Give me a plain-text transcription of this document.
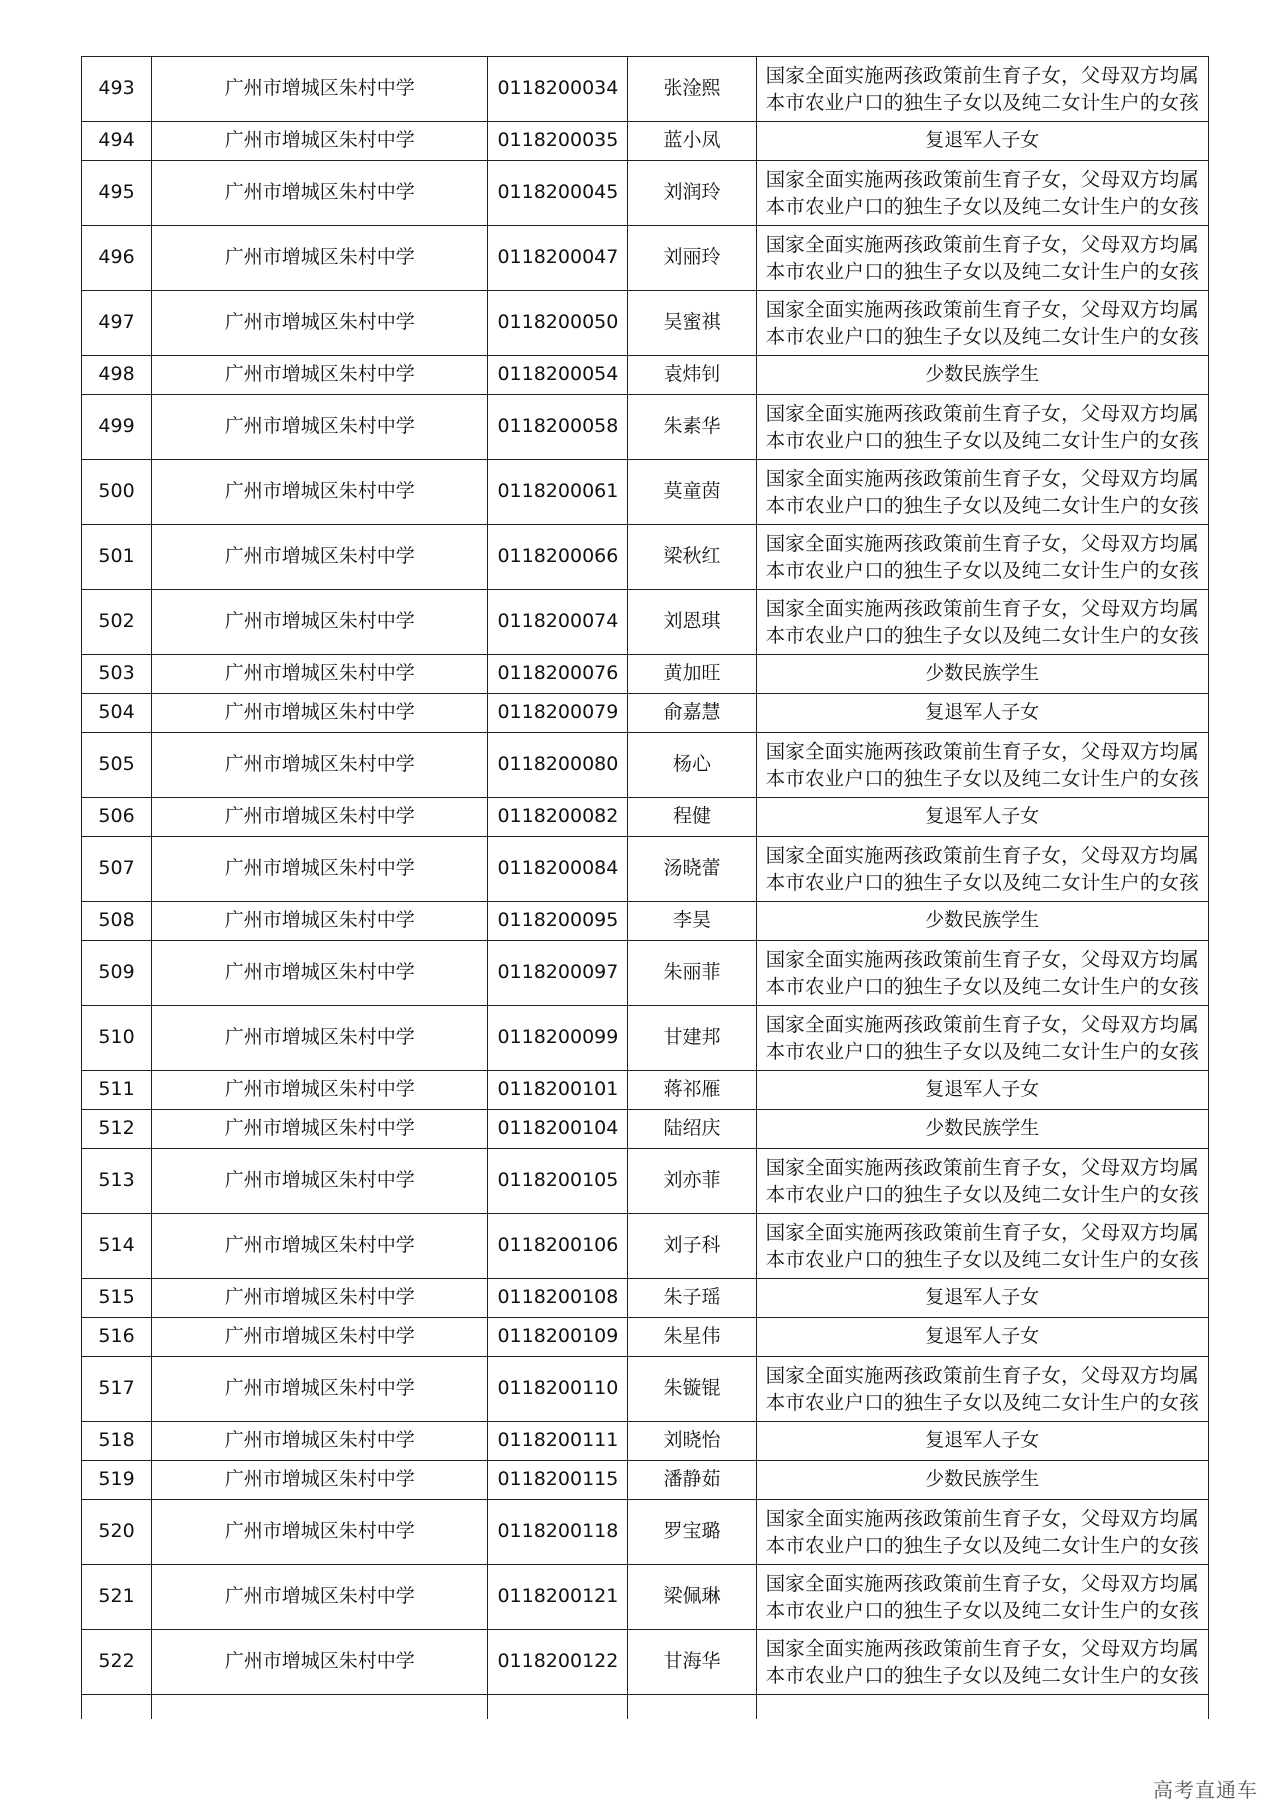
493	广州市增城区朱村中学	0118200034	张淦熙	国家全面实施两孩政策前生育子女，父母双方均属本市农业户口的独生子女以及纯二女计生户的女孩
494	广州市增城区朱村中学	0118200035	蓝小凤	复退军人子女
495	广州市增城区朱村中学	0118200045	刘润玲	国家全面实施两孩政策前生育子女，父母双方均属本市农业户口的独生子女以及纯二女计生户的女孩
496	广州市增城区朱村中学	0118200047	刘丽玲	国家全面实施两孩政策前生育子女，父母双方均属本市农业户口的独生子女以及纯二女计生户的女孩
497	广州市增城区朱村中学	0118200050	吴蜜祺	国家全面实施两孩政策前生育子女，父母双方均属本市农业户口的独生子女以及纯二女计生户的女孩
498	广州市增城区朱村中学	0118200054	袁炜钊	少数民族学生
499	广州市增城区朱村中学	0118200058	朱素华	国家全面实施两孩政策前生育子女，父母双方均属本市农业户口的独生子女以及纯二女计生户的女孩
500	广州市增城区朱村中学	0118200061	莫童茵	国家全面实施两孩政策前生育子女，父母双方均属本市农业户口的独生子女以及纯二女计生户的女孩
501	广州市增城区朱村中学	0118200066	梁秋红	国家全面实施两孩政策前生育子女，父母双方均属本市农业户口的独生子女以及纯二女计生户的女孩
502	广州市增城区朱村中学	0118200074	刘恩琪	国家全面实施两孩政策前生育子女，父母双方均属本市农业户口的独生子女以及纯二女计生户的女孩
503	广州市增城区朱村中学	0118200076	黄加旺	少数民族学生
504	广州市增城区朱村中学	0118200079	俞嘉慧	复退军人子女
505	广州市增城区朱村中学	0118200080	杨心	国家全面实施两孩政策前生育子女，父母双方均属本市农业户口的独生子女以及纯二女计生户的女孩
506	广州市增城区朱村中学	0118200082	程健	复退军人子女
507	广州市增城区朱村中学	0118200084	汤晓蕾	国家全面实施两孩政策前生育子女，父母双方均属本市农业户口的独生子女以及纯二女计生户的女孩
508	广州市增城区朱村中学	0118200095	李昊	少数民族学生
509	广州市增城区朱村中学	0118200097	朱丽菲	国家全面实施两孩政策前生育子女，父母双方均属本市农业户口的独生子女以及纯二女计生户的女孩
510	广州市增城区朱村中学	0118200099	甘建邦	国家全面实施两孩政策前生育子女，父母双方均属本市农业户口的独生子女以及纯二女计生户的女孩
511	广州市增城区朱村中学	0118200101	蒋祁雁	复退军人子女
512	广州市增城区朱村中学	0118200104	陆绍庆	少数民族学生
513	广州市增城区朱村中学	0118200105	刘亦菲	国家全面实施两孩政策前生育子女，父母双方均属本市农业户口的独生子女以及纯二女计生户的女孩
514	广州市增城区朱村中学	0118200106	刘子科	国家全面实施两孩政策前生育子女，父母双方均属本市农业户口的独生子女以及纯二女计生户的女孩
515	广州市增城区朱村中学	0118200108	朱子瑶	复退军人子女
516	广州市增城区朱村中学	0118200109	朱星伟	复退军人子女
517	广州市增城区朱村中学	0118200110	朱镟锟	国家全面实施两孩政策前生育子女，父母双方均属本市农业户口的独生子女以及纯二女计生户的女孩
518	广州市增城区朱村中学	0118200111	刘晓怡	复退军人子女
519	广州市增城区朱村中学	0118200115	潘静茹	少数民族学生
520	广州市增城区朱村中学	0118200118	罗宝璐	国家全面实施两孩政策前生育子女，父母双方均属本市农业户口的独生子女以及纯二女计生户的女孩
521	广州市增城区朱村中学	0118200121	梁佩琳	国家全面实施两孩政策前生育子女，父母双方均属本市农业户口的独生子女以及纯二女计生户的女孩
522	广州市增城区朱村中学	0118200122	甘海华	国家全面实施两孩政策前生育子女，父母双方均属本市农业户口的独生子女以及纯二女计生户的女孩

高考直通车
